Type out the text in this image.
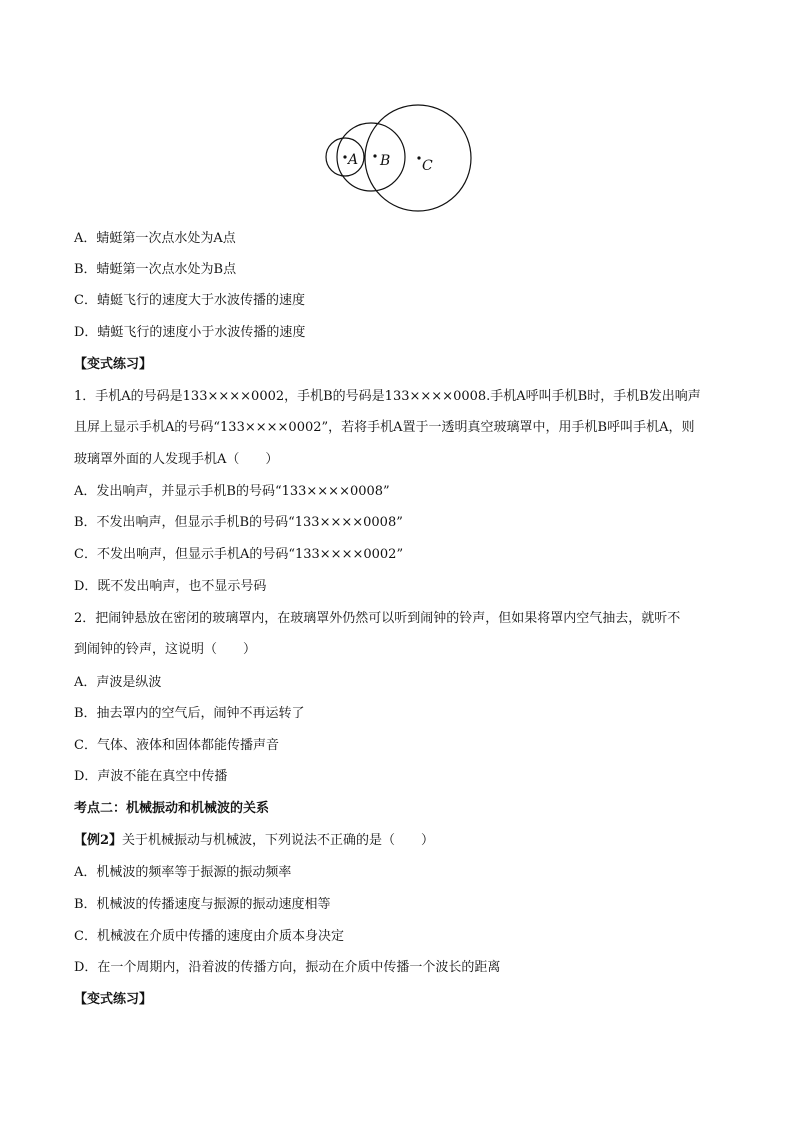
A B C
A．蜻蜓第一次点水处为A点
B．蜻蜓第一次点水处为B点
C．蜻蜓飞行的速度大于水波传播的速度
D．蜻蜓飞行的速度小于水波传播的速度
【变式练习】
1．手机A的号码是133××××0002，手机B的号码是133××××0008.手机A呼叫手机B时，手机B发出响声
且屏上显示手机A的号码“133××××0002”，若将手机A置于一透明真空玻璃罩中，用手机B呼叫手机A，则
玻璃罩外面的人发现手机A（　　）
A．发出响声，并显示手机B的号码“133××××0008”
B．不发出响声，但显示手机B的号码“133××××0008”
C．不发出响声，但显示手机A的号码“133××××0002”
D．既不发出响声，也不显示号码
2．把闹钟悬放在密闭的玻璃罩内，在玻璃罩外仍然可以听到闹钟的铃声，但如果将罩内空气抽去，就听不
到闹钟的铃声，这说明（　　）
A．声波是纵波
B．抽去罩内的空气后，闹钟不再运转了
C．气体、液体和固体都能传播声音
D．声波不能在真空中传播
考点二：机械振动和机械波的关系
【例2】关于机械振动与机械波，下列说法不正确的是（　　）
A．机械波的频率等于振源的振动频率
B．机械波的传播速度与振源的振动速度相等
C．机械波在介质中传播的速度由介质本身决定
D．在一个周期内，沿着波的传播方向，振动在介质中传播一个波长的距离
【变式练习】
